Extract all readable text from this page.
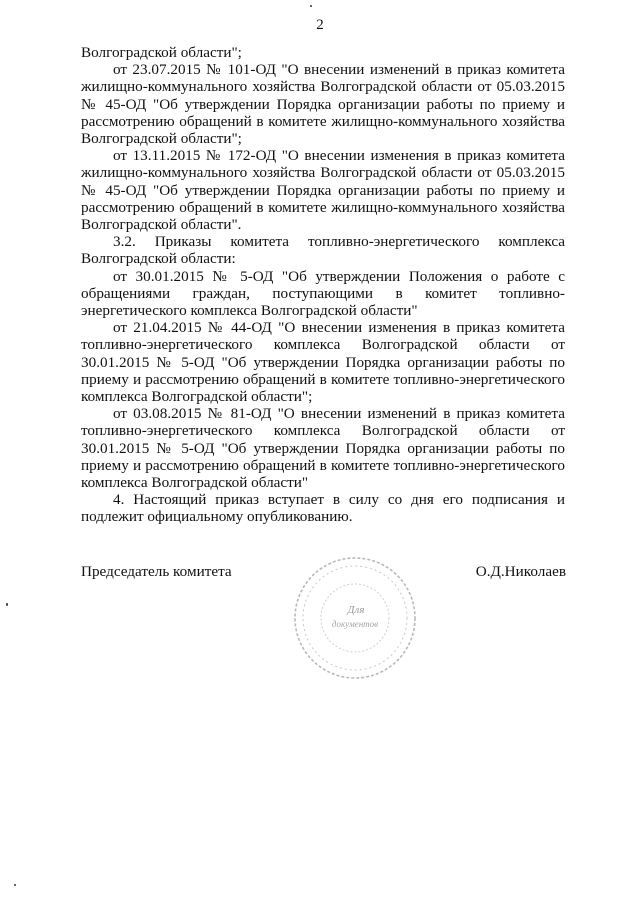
2

Волгоградской области";

от 23.07.2015 № 101-ОД "О внесении изменений в приказ комитета жилищно-коммунального хозяйства Волгоградской области от 05.03.2015 № 45-ОД "Об утверждении Порядка организации работы по приему и рассмотрению обращений в комитете жилищно-коммунального хозяйства Волгоградской области";

от 13.11.2015 № 172-ОД "О внесении изменения в приказ комитета жилищно-коммунального хозяйства Волгоградской области от 05.03.2015 № 45-ОД "Об утверждении Порядка организации работы по приему и рассмотрению обращений в комитете жилищно-коммунального хозяйства Волгоградской области".

3.2. Приказы комитета топливно-энергетического комплекса Волгоградской области:

от 30.01.2015 № 5-ОД "Об утверждении Положения о работе с обращениями граждан, поступающими в комитет топливно-энергетического комплекса Волгоградской области"

от 21.04.2015 № 44-ОД "О внесении изменения в приказ комитета топливно-энергетического комплекса Волгоградской области от 30.01.2015 № 5-ОД "Об утверждении Порядка организации работы по приему и рассмотрению обращений в комитете топливно-энергетического комплекса Волгоградской области";

от 03.08.2015 № 81-ОД "О внесении изменений в приказ комитета топливно-энергетического комплекса Волгоградской области от 30.01.2015 № 5-ОД "Об утверждении Порядка организации работы по приему и рассмотрению обращений в комитете топливно-энергетического комплекса Волгоградской области"

4. Настоящий приказ вступает в силу со дня его подписания и подлежит официальному опубликованию.

Председатель комитета	О.Д.Николаев
Для
документов
